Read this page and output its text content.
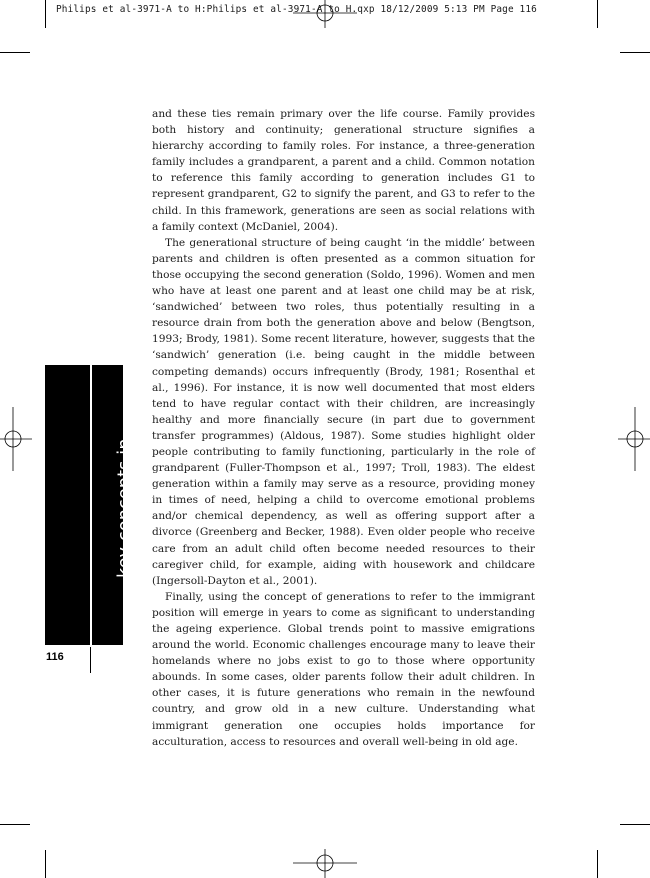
Philips et al-3971-A to H:Philips et al-3971-A to H.qxp 18/12/2009 5:13 PM Page 116
key concepts in social gerontology
116

and these ties remain primary over the life course. Family provides both history and continuity; generational structure signifies a hierarchy according to family roles. For instance, a three-generation family includes a grandparent, a parent and a child. Common notation to reference this family according to generation includes G1 to represent grandparent, G2 to signify the parent, and G3 to refer to the child. In this framework, generations are seen as social relations with a family context (McDaniel, 2004).

The generational structure of being caught ‘in the middle’ between parents and children is often presented as a common situation for those occupying the second generation (Soldo, 1996). Women and men who have at least one parent and at least one child may be at risk, ‘sandwiched’ between two roles, thus potentially resulting in a resource drain from both the generation above and below (Bengtson, 1993; Brody, 1981). Some recent literature, however, suggests that the ‘sandwich’ generation (i.e. being caught in the middle between competing demands) occurs infrequently (Brody, 1981; Rosenthal et al., 1996). For instance, it is now well documented that most elders tend to have regular contact with their children, are increasingly healthy and more financially secure (in part due to government transfer programmes) (Aldous, 1987). Some studies highlight older people contributing to family functioning, particularly in the role of grandparent (Fuller-Thompson et al., 1997; Troll, 1983). The eldest generation within a family may serve as a resource, providing money in times of need, helping a child to overcome emotional problems and/or chemical dependency, as well as offering support after a divorce (Greenberg and Becker, 1988). Even older people who receive care from an adult child often become needed resources to their caregiver child, for example, aiding with housework and childcare (Ingersoll-Dayton et al., 2001).

Finally, using the concept of generations to refer to the immigrant position will emerge in years to come as significant to understanding the ageing experience. Global trends point to massive emigrations around the world. Economic challenges encourage many to leave their homelands where no jobs exist to go to those where opportunity abounds. In some cases, older parents follow their adult children. In other cases, it is future generations who remain in the newfound country, and grow old in a new culture. Understanding what immigrant generation one occupies holds importance for acculturation, access to resources and overall well-being in old age.
